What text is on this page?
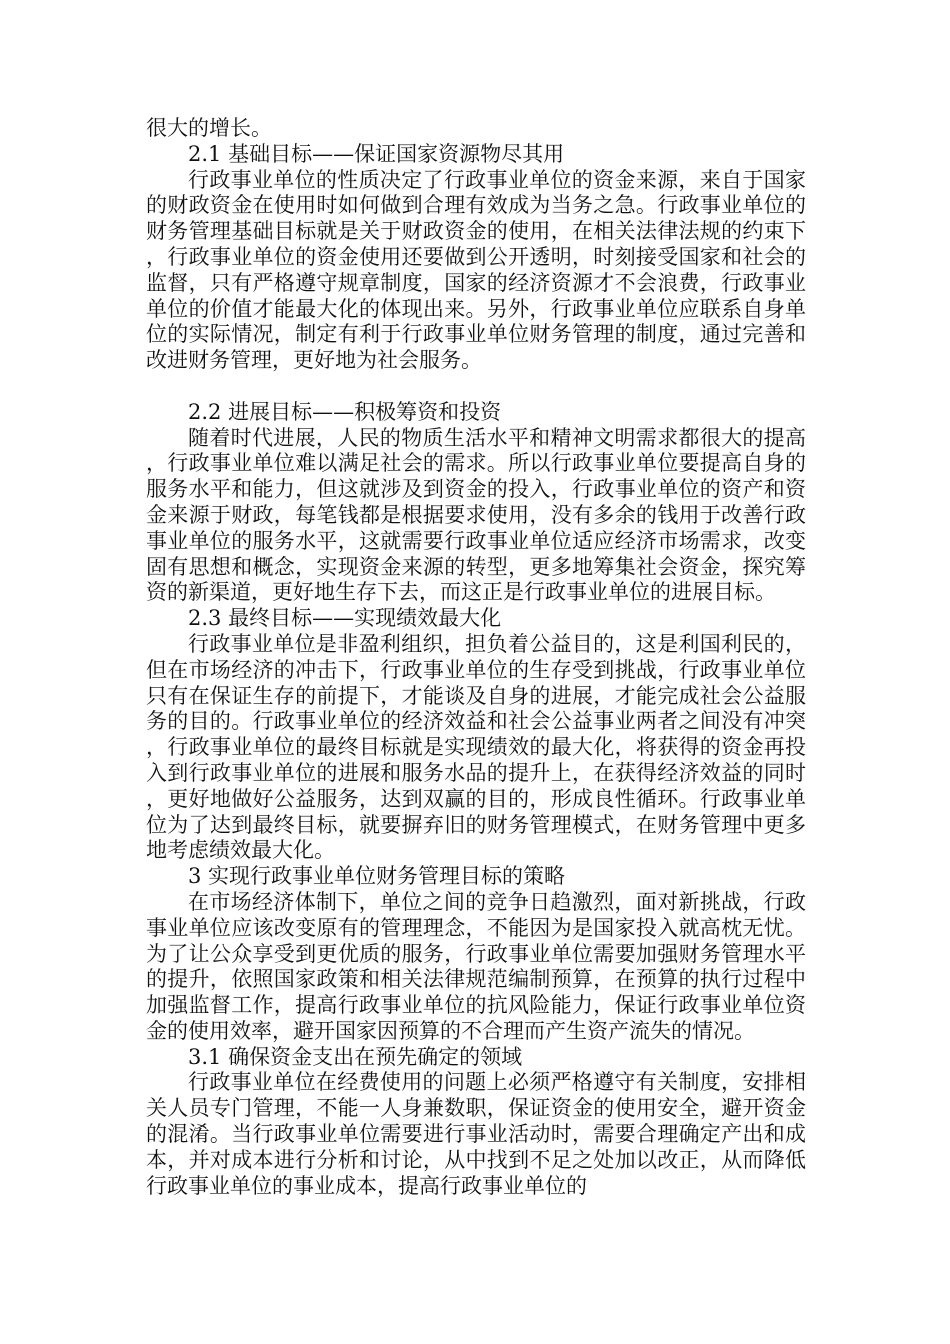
很大的增长。

2.1 基础目标——保证国家资源物尽其用

行政事业单位的性质决定了行政事业单位的资金来源，来自于国家的财政资金在使用时如何做到合理有效成为当务之急。行政事业单位的财务管理基础目标就是关于财政资金的使用，在相关法律法规的约束下，行政事业单位的资金使用还要做到公开透明，时刻接受国家和社会的监督，只有严格遵守规章制度，国家的经济资源才不会浪费，行政事业单位的价值才能最大化的体现出来。另外，行政事业单位应联系自身单位的实际情况，制定有利于行政事业单位财务管理的制度，通过完善和改进财务管理，更好地为社会服务。

2.2 进展目标——积极筹资和投资

随着时代进展，人民的物质生活水平和精神文明需求都很大的提高，行政事业单位难以满足社会的需求。所以行政事业单位要提高自身的服务水平和能力，但这就涉及到资金的投入，行政事业单位的资产和资金来源于财政，每笔钱都是根据要求使用，没有多余的钱用于改善行政事业单位的服务水平，这就需要行政事业单位适应经济市场需求，改变固有思想和概念，实现资金来源的转型，更多地筹集社会资金，探究筹资的新渠道，更好地生存下去，而这正是行政事业单位的进展目标。

2.3 最终目标——实现绩效最大化

行政事业单位是非盈利组织，担负着公益目的，这是利国利民的，但在市场经济的冲击下，行政事业单位的生存受到挑战，行政事业单位只有在保证生存的前提下，才能谈及自身的进展，才能完成社会公益服务的目的。行政事业单位的经济效益和社会公益事业两者之间没有冲突，行政事业单位的最终目标就是实现绩效的最大化，将获得的资金再投入到行政事业单位的进展和服务水品的提升上，在获得经济效益的同时，更好地做好公益服务，达到双赢的目的，形成良性循环。行政事业单位为了达到最终目标，就要摒弃旧的财务管理模式，在财务管理中更多地考虑绩效最大化。

3 实现行政事业单位财务管理目标的策略

在市场经济体制下，单位之间的竞争日趋激烈，面对新挑战，行政事业单位应该改变原有的管理理念，不能因为是国家投入就高枕无忧。为了让公众享受到更优质的服务，行政事业单位需要加强财务管理水平的提升，依照国家政策和相关法律规范编制预算，在预算的执行过程中加强监督工作，提高行政事业单位的抗风险能力，保证行政事业单位资金的使用效率，避开国家因预算的不合理而产生资产流失的情况。

3.1 确保资金支出在预先确定的领域

行政事业单位在经费使用的问题上必须严格遵守有关制度，安排相关人员专门管理，不能一人身兼数职，保证资金的使用安全，避开资金的混淆。当行政事业单位需要进行事业活动时，需要合理确定产出和成本，并对成本进行分析和讨论，从中找到不足之处加以改正，从而降低行政事业单位的事业成本，提高行政事业单位的
